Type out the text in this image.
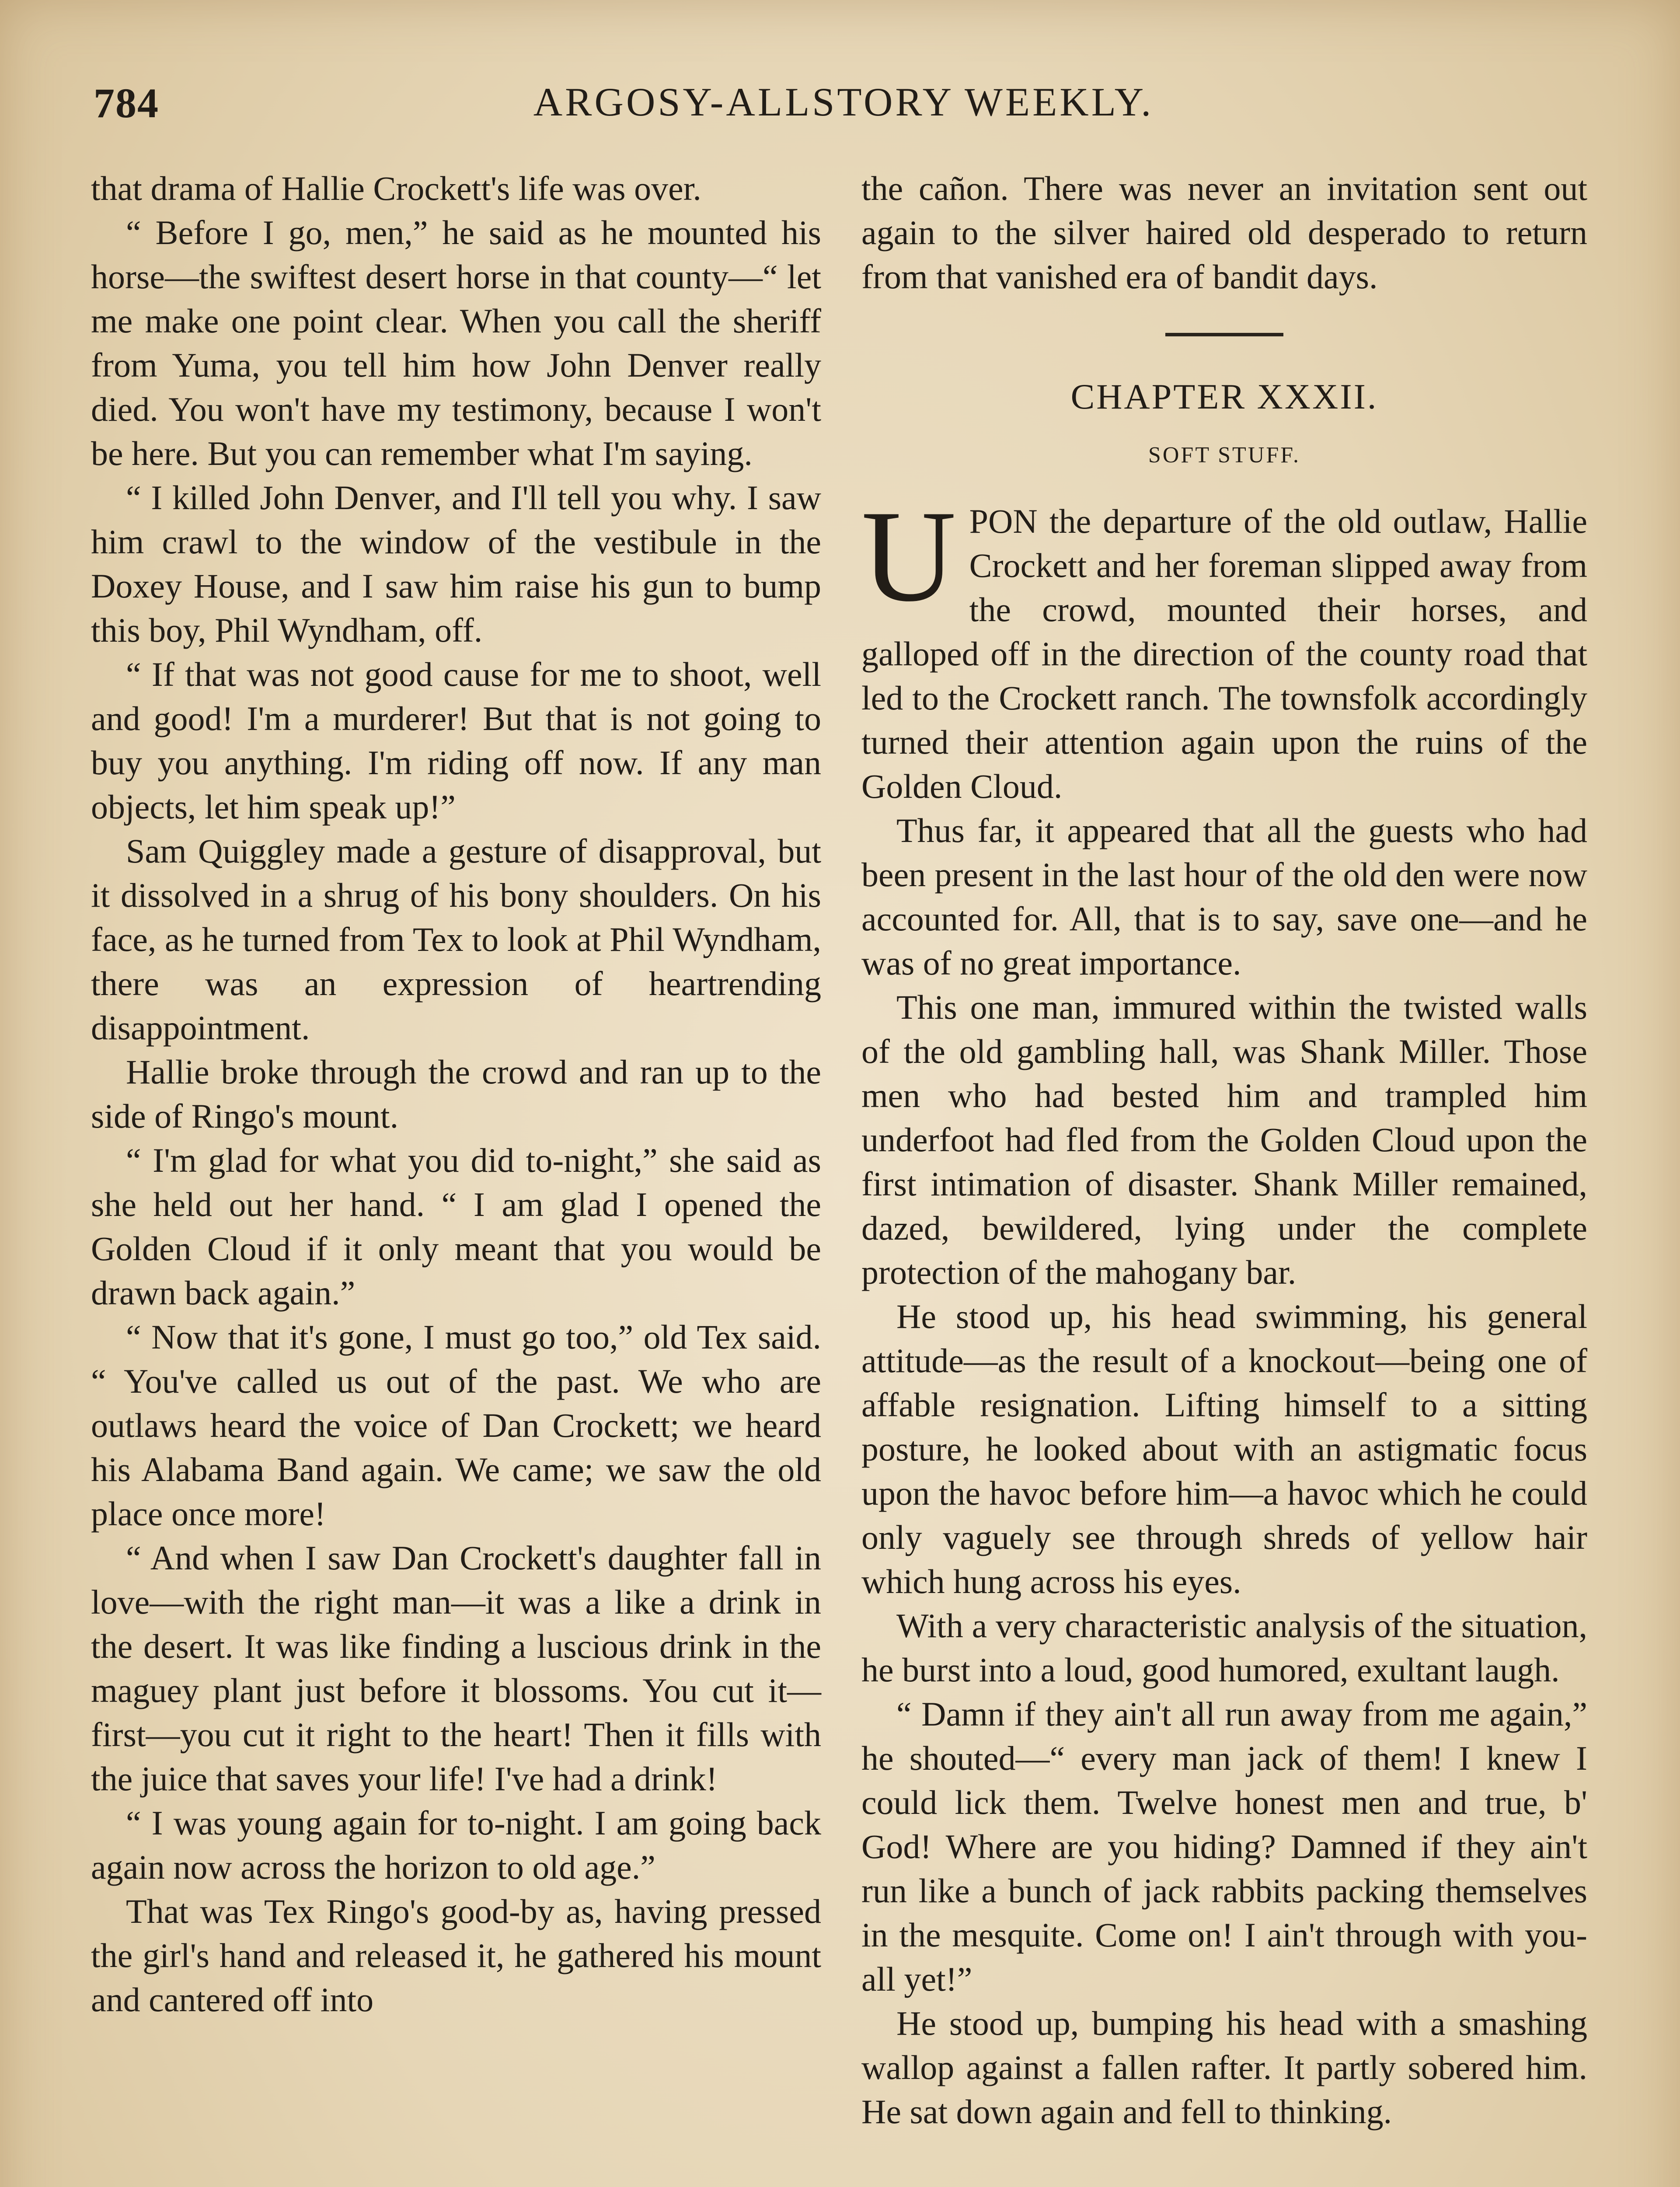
784	ARGOSY-ALLSTORY WEEKLY.

that drama of Hallie Crockett's life was over.

“ Before I go, men,” he said as he mounted his horse—the swiftest desert horse in that county—“ let me make one point clear. When you call the sheriff from Yuma, you tell him how John Denver really died. You won't have my testimony, because I won't be here. But you can remember what I'm saying.

“ I killed John Denver, and I'll tell you why. I saw him crawl to the window of the vestibule in the Doxey House, and I saw him raise his gun to bump this boy, Phil Wyndham, off.

“ If that was not good cause for me to shoot, well and good! I'm a murderer! But that is not going to buy you anything. I'm riding off now. If any man objects, let him speak up!”

Sam Quiggley made a gesture of disapproval, but it dissolved in a shrug of his bony shoulders. On his face, as he turned from Tex to look at Phil Wyndham, there was an expression of heartrending disappointment.

Hallie broke through the crowd and ran up to the side of Ringo's mount.

“ I'm glad for what you did to-night,” she said as she held out her hand. “ I am glad I opened the Golden Cloud if it only meant that you would be drawn back again.”

“ Now that it's gone, I must go too,” old Tex said. “ You've called us out of the past. We who are outlaws heard the voice of Dan Crockett; we heard his Alabama Band again. We came; we saw the old place once more!

“ And when I saw Dan Crockett's daughter fall in love—with the right man—it was a like a drink in the desert. It was like finding a luscious drink in the maguey plant just before it blossoms. You cut it—first—you cut it right to the heart! Then it fills with the juice that saves your life! I've had a drink!

“ I was young again for to-night. I am going back again now across the horizon to old age.”

That was Tex Ringo's good-by as, having pressed the girl's hand and released it, he gathered his mount and cantered off into

the cañon. There was never an invitation sent out again to the silver haired old desperado to return from that vanished era of bandit days.

CHAPTER XXXII.
SOFT STUFF.

UPON the departure of the old outlaw, Hallie Crockett and her foreman slipped away from the crowd, mounted their horses, and galloped off in the direction of the county road that led to the Crockett ranch. The townsfolk accordingly turned their attention again upon the ruins of the Golden Cloud.

Thus far, it appeared that all the guests who had been present in the last hour of the old den were now accounted for. All, that is to say, save one—and he was of no great importance.

This one man, immured within the twisted walls of the old gambling hall, was Shank Miller. Those men who had bested him and trampled him underfoot had fled from the Golden Cloud upon the first intimation of disaster. Shank Miller remained, dazed, bewildered, lying under the complete protection of the mahogany bar.

He stood up, his head swimming, his general attitude—as the result of a knockout—being one of affable resignation. Lifting himself to a sitting posture, he looked about with an astigmatic focus upon the havoc before him—a havoc which he could only vaguely see through shreds of yellow hair which hung across his eyes.

With a very characteristic analysis of the situation, he burst into a loud, good humored, exultant laugh.

“ Damn if they ain't all run away from me again,” he shouted—“ every man jack of them! I knew I could lick them. Twelve honest men and true, b' God! Where are you hiding? Damned if they ain't run like a bunch of jack rabbits packing themselves in the mesquite. Come on! I ain't through with you-all yet!”

He stood up, bumping his head with a smashing wallop against a fallen rafter. It partly sobered him. He sat down again and fell to thinking.
